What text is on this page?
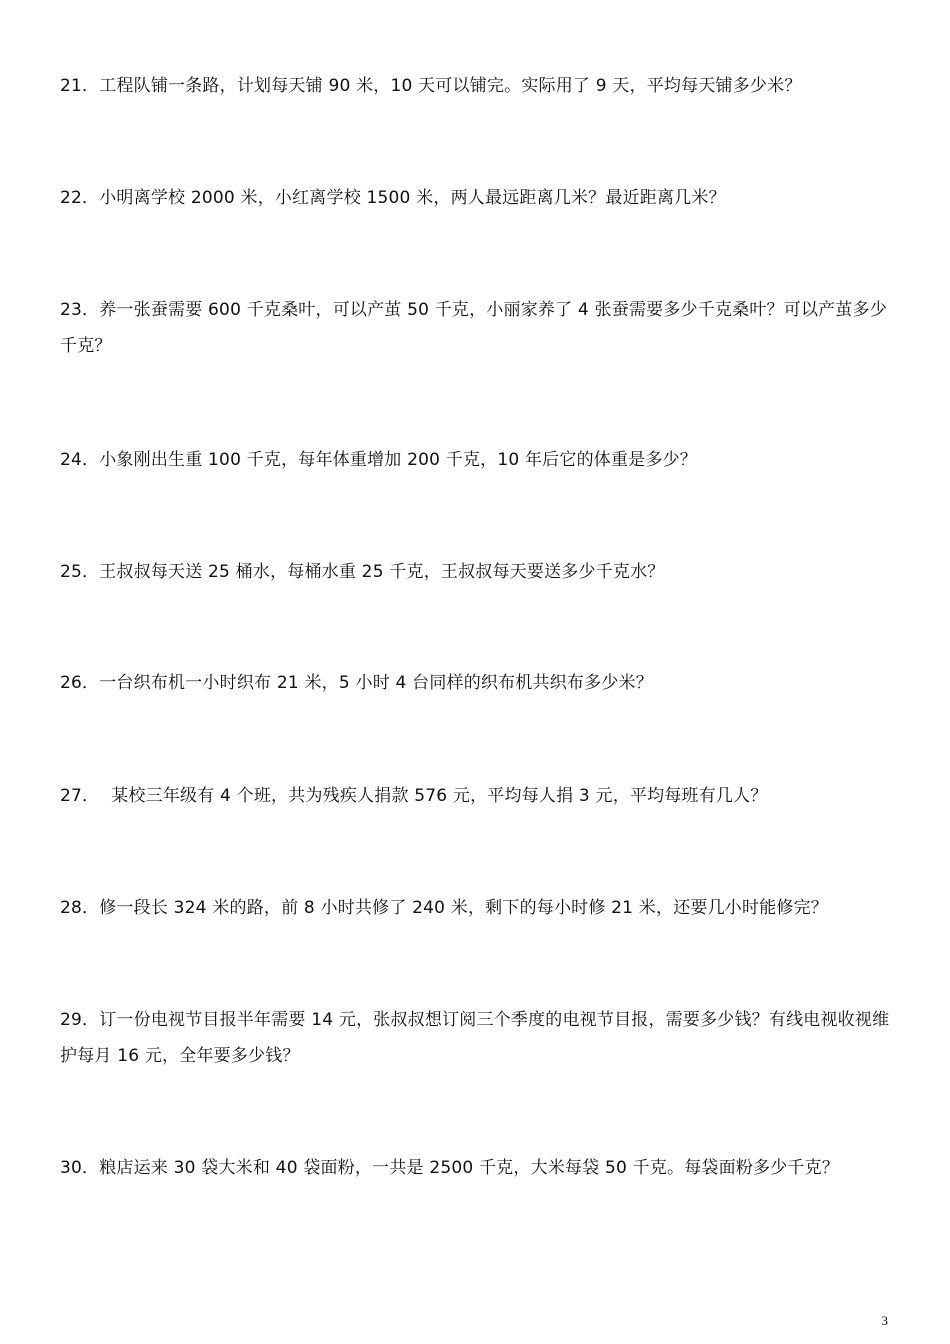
21．工程队铺一条路，计划每天铺 90 米，10 天可以铺完。实际用了 9 天，平均每天铺多少米？
22．小明离学校 2000 米，小红离学校 1500 米，两人最远距离几米？最近距离几米？
23．养一张蚕需要 600 千克桑叶，可以产茧 50 千克，小丽家养了 4 张蚕需要多少千克桑叶？可以产茧多少千克？
24．小象刚出生重 100 千克，每年体重增加 200 千克，10 年后它的体重是多少？
25．王叔叔每天送 25 桶水，每桶水重 25 千克，王叔叔每天要送多少千克水？
26．一台织布机一小时织布 21 米，5 小时 4 台同样的织布机共织布多少米？
27． 某校三年级有 4 个班，共为残疾人捐款 576 元，平均每人捐 3 元，平均每班有几人？
28．修一段长 324 米的路，前 8 小时共修了 240 米，剩下的每小时修 21 米，还要几小时能修完？
29．订一份电视节目报半年需要 14 元，张叔叔想订阅三个季度的电视节目报，需要多少钱？有线电视收视维护每月 16 元，全年要多少钱？
30．粮店运来 30 袋大米和 40 袋面粉，一共是 2500 千克，大米每袋 50 千克。每袋面粉多少千克？
3
